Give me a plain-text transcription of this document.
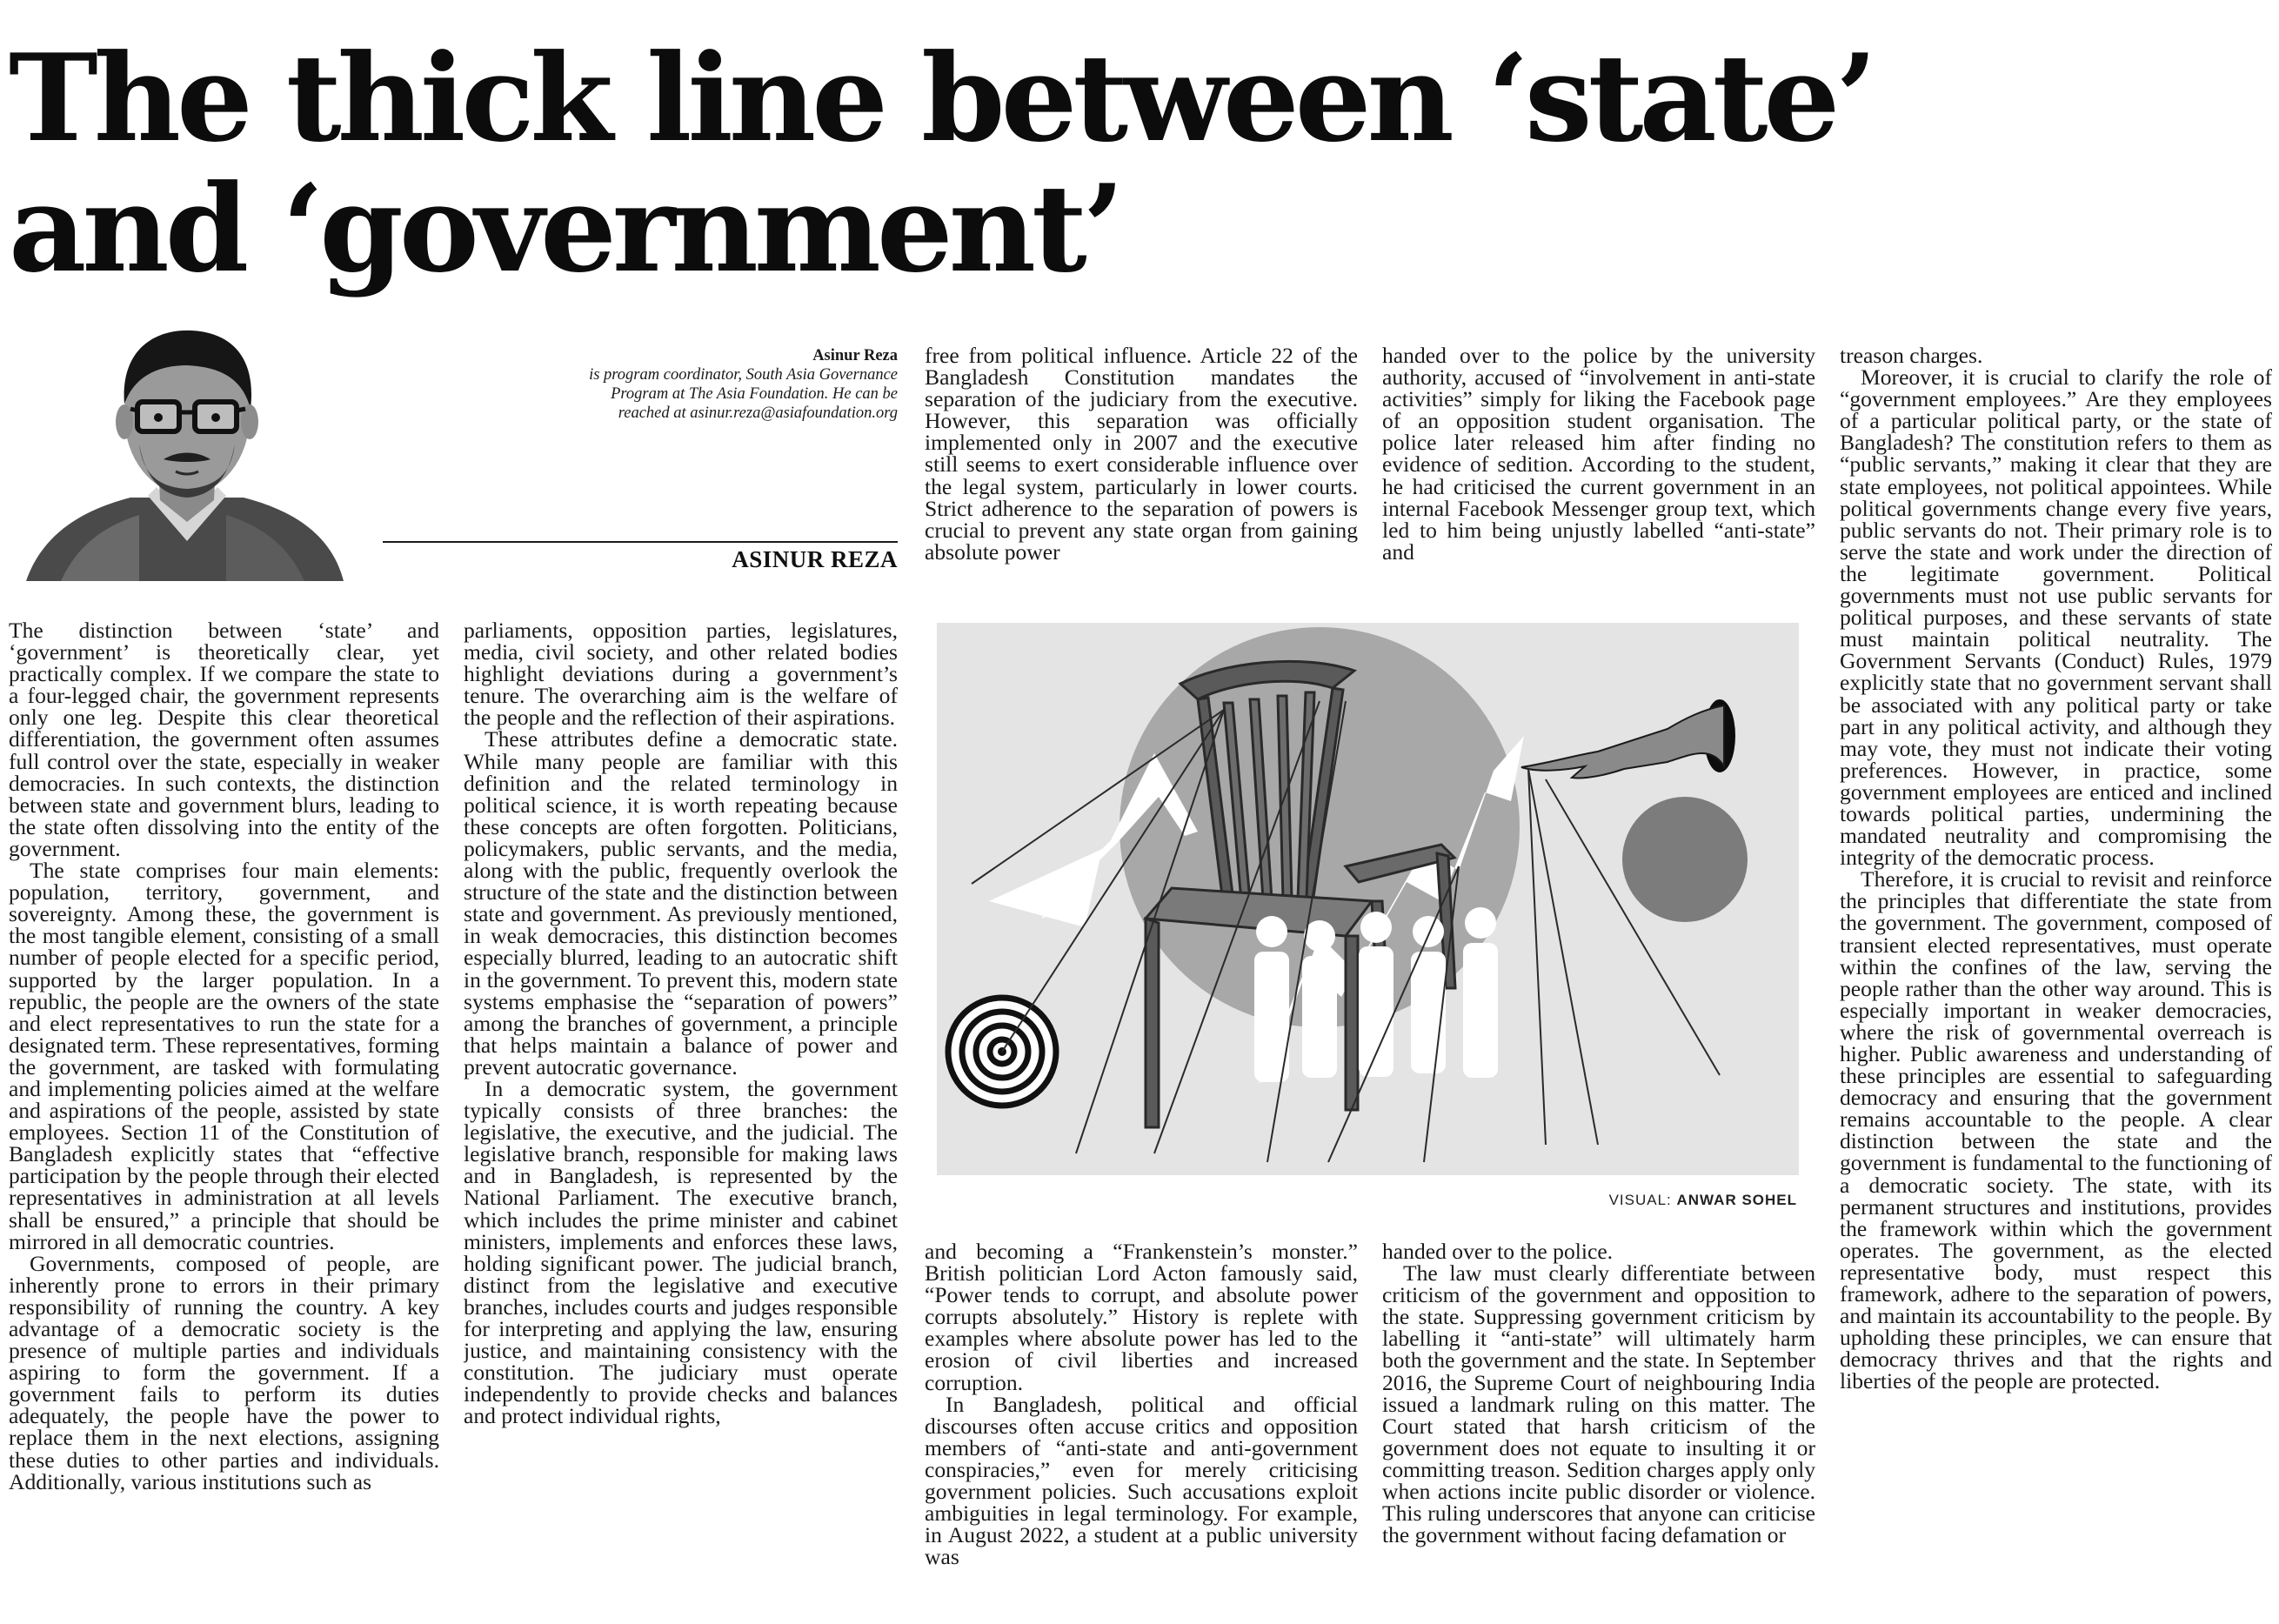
The thick line between ‘state’
and ‘government’
Asinur Reza
is program coordinator, South Asia Governance Program at The Asia Foundation. He can be reached at asinur.reza@asiafoundation.org
ASINUR REZA

The distinction between ‘state’ and ‘government’ is theoretically clear, yet practically complex. If we compare the state to a four-legged chair, the government represents only one leg. Despite this clear theoretical differentiation, the government often assumes full control over the state, especially in weaker democracies. In such contexts, the distinction between state and government blurs, leading to the state often dissolving into the entity of the government.

The state comprises four main elements: population, territory, government, and sovereignty. Among these, the government is the most tangible element, consisting of a small number of people elected for a specific period, supported by the larger population. In a republic, the people are the owners of the state and elect representatives to run the state for a designated term. These representatives, forming the government, are tasked with formulating and implementing policies aimed at the welfare and aspirations of the people, assisted by state employees. Section 11 of the Constitution of Bangladesh explicitly states that “effective participation by the people through their elected representatives in administration at all levels shall be ensured,” a principle that should be mirrored in all democratic countries.

Governments, composed of people, are inherently prone to errors in their primary responsibility of running the country. A key advantage of a democratic society is the presence of multiple parties and individuals aspiring to form the government. If a government fails to perform its duties adequately, the people have the power to replace them in the next elections, assigning these duties to other parties and individuals. Additionally, various institutions such as

parliaments, opposition parties, legislatures, media, civil society, and other related bodies highlight deviations during a government’s tenure. The overarching aim is the welfare of the people and the reflection of their aspirations.

These attributes define a democratic state. While many people are familiar with this definition and the related terminology in political science, it is worth repeating because these concepts are often forgotten. Politicians, policymakers, public servants, and the media, along with the public, frequently overlook the structure of the state and the distinction between state and government. As previously mentioned, in weak democracies, this distinction becomes especially blurred, leading to an autocratic shift in the government. To prevent this, modern state systems emphasise the “separation of powers” among the branches of government, a principle that helps maintain a balance of power and prevent autocratic governance.

In a democratic system, the government typically consists of three branches: the legislative, the executive, and the judicial. The legislative branch, responsible for making laws and in Bangladesh, is represented by the National Parliament. The executive branch, which includes the prime minister and cabinet ministers, implements and enforces these laws, holding significant power. The judicial branch, distinct from the legislative and executive branches, includes courts and judges responsible for interpreting and applying the law, ensuring justice, and maintaining consistency with the constitution. The judiciary must operate independently to provide checks and balances and protect individual rights,

free from political influence. Article 22 of the Bangladesh Constitution mandates the separation of the judiciary from the executive. However, this separation was officially implemented only in 2007 and the executive still seems to exert considerable influence over the legal system, particularly in lower courts. Strict adherence to the separation of powers is crucial to prevent any state organ from gaining absolute power

handed over to the police by the university authority, accused of “involvement in anti-state activities” simply for liking the Facebook page of an opposition student organisation. The police later released him after finding no evidence of sedition. According to the student, he had criticised the current government in an internal Facebook Messenger group text, which led to him being unjustly labelled “anti-state” and

VISUAL: ANWAR SOHEL

and becoming a “Frankenstein’s monster.” British politician Lord Acton famously said, “Power tends to corrupt, and absolute power corrupts absolutely.” History is replete with examples where absolute power has led to the erosion of civil liberties and increased corruption.

In Bangladesh, political and official discourses often accuse critics and opposition members of “anti-state and anti-government conspiracies,” even for merely criticising government policies. Such accusations exploit ambiguities in legal terminology. For example, in August 2022, a student at a public university was

handed over to the police.

The law must clearly differentiate between criticism of the government and opposition to the state. Suppressing government criticism by labelling it “anti-state” will ultimately harm both the government and the state. In September 2016, the Supreme Court of neighbouring India issued a landmark ruling on this matter. The Court stated that harsh criticism of the government does not equate to insulting it or committing treason. Sedition charges apply only when actions incite public disorder or violence. This ruling underscores that anyone can criticise the government without facing defamation or

treason charges.

Moreover, it is crucial to clarify the role of “government employees.” Are they employees of a particular political party, or the state of Bangladesh? The constitution refers to them as “public servants,” making it clear that they are state employees, not political appointees. While political governments change every five years, public servants do not. Their primary role is to serve the state and work under the direction of the legitimate government. Political governments must not use public servants for political purposes, and these servants of state must maintain political neutrality. The Government Servants (Conduct) Rules, 1979 explicitly state that no government servant shall be associated with any political party or take part in any political activity, and although they may vote, they must not indicate their voting preferences. However, in practice, some government employees are enticed and inclined towards political parties, undermining the mandated neutrality and compromising the integrity of the democratic process.

Therefore, it is crucial to revisit and reinforce the principles that differentiate the state from the government. The government, composed of transient elected representatives, must operate within the confines of the law, serving the people rather than the other way around. This is especially important in weaker democracies, where the risk of governmental overreach is higher. Public awareness and understanding of these principles are essential to safeguarding democracy and ensuring that the government remains accountable to the people. A clear distinction between the state and the government is fundamental to the functioning of a democratic society. The state, with its permanent structures and institutions, provides the framework within which the government operates. The government, as the elected representative body, must respect this framework, adhere to the separation of powers, and maintain its accountability to the people. By upholding these principles, we can ensure that democracy thrives and that the rights and liberties of the people are protected.
